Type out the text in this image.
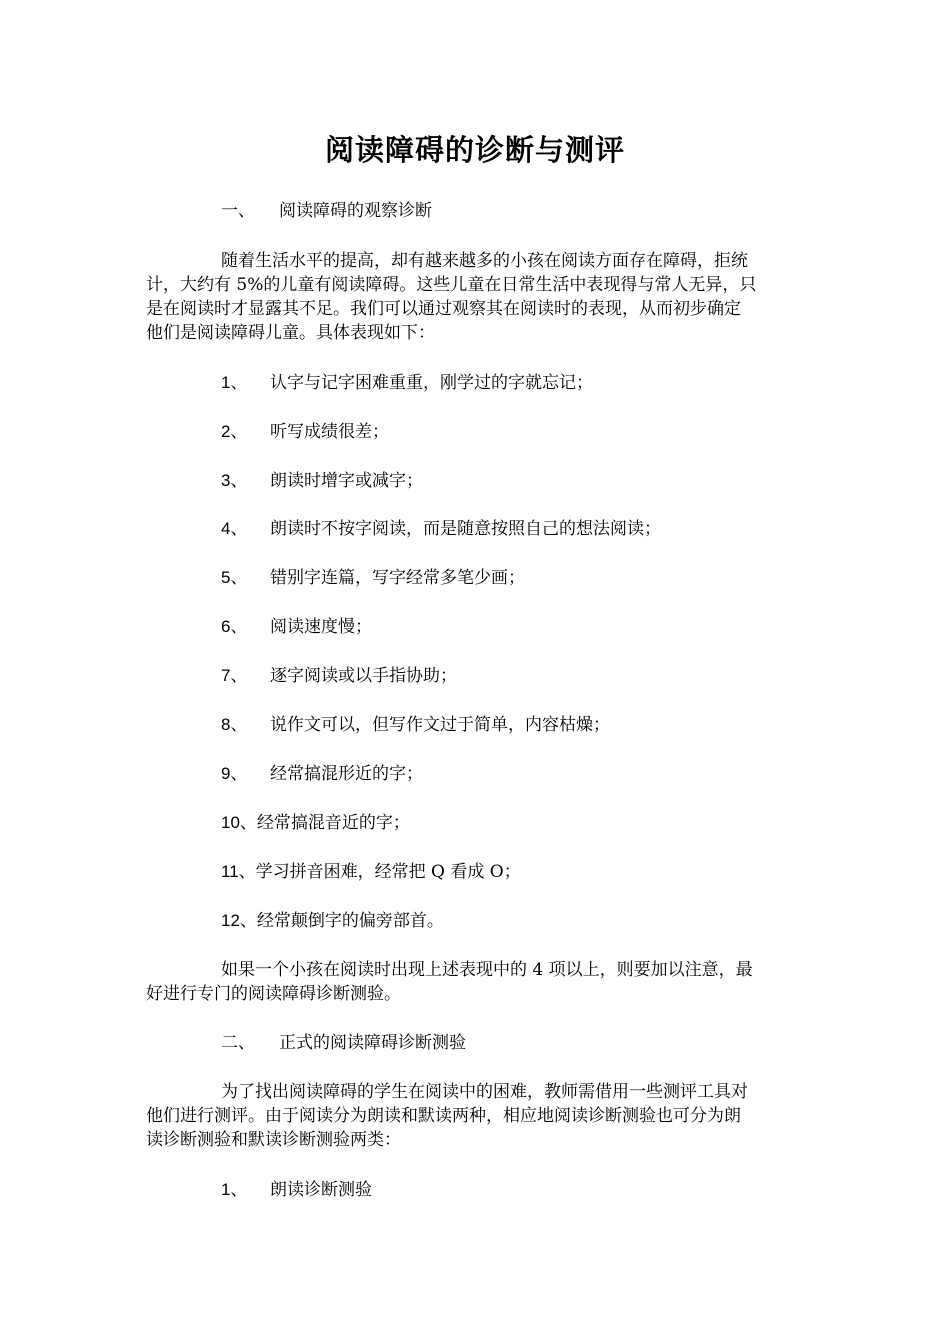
阅读障碍的诊断与测评
一、 阅读障碍的观察诊断
随着生活水平的提高，却有越来越多的小孩在阅读方面存在障碍，拒统
计，大约有 5%的儿童有阅读障碍。这些儿童在日常生活中表现得与常人无异，只
是在阅读时才显露其不足。我们可以通过观察其在阅读时的表现，从而初步确定
他们是阅读障碍儿童。具体表现如下：
1、 认字与记字困难重重，刚学过的字就忘记；
2、 听写成绩很差；
3、 朗读时增字或减字；
4、 朗读时不按字阅读，而是随意按照自己的想法阅读；
5、 错别字连篇，写字经常多笔少画；
6、 阅读速度慢；
7、 逐字阅读或以手指协助；
8、 说作文可以，但写作文过于简单，内容枯燥；
9、 经常搞混形近的字；
10、经常搞混音近的字；
11、学习拼音困难，经常把 Q 看成 O；
12、经常颠倒字的偏旁部首。
如果一个小孩在阅读时出现上述表现中的 4 项以上，则要加以注意，最
好进行专门的阅读障碍诊断测验。
二、 正式的阅读障碍诊断测验
为了找出阅读障碍的学生在阅读中的困难，教师需借用一些测评工具对
他们进行测评。由于阅读分为朗读和默读两种，相应地阅读诊断测验也可分为朗
读诊断测验和默读诊断测验两类：
1、 朗读诊断测验
